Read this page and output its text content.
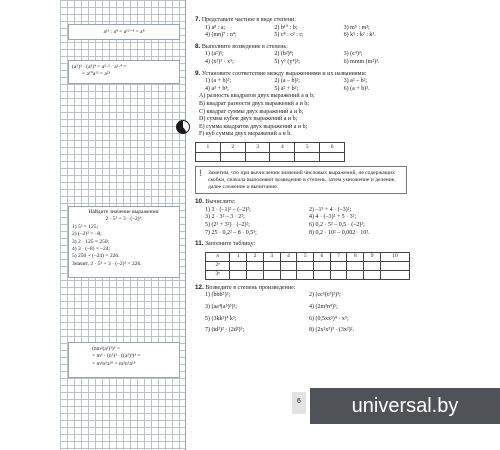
a¹² : a⁴ = a¹²⁻⁴ = a⁸
(a⁵)² · (a³)⁴ = a⁵·² · a³·⁴ =
= a¹⁰a¹² = a²²
Найдите значение выражения:
2 · 5³ + 3 · (–2)³.
1) 5³ = 125;
2) (–2)³ = –8;
3) 2 · 125 = 250;
4) 3 · (–8) = –24;
5) 250 + (–24) = 226.
Значит, 2 · 5³ + 3 · (–2)³ = 226.
(mn²(a²)³)³ =
= m³ · (n²)³ · ((a²)³)³ =
= m³n⁶a¹⁸ = m³n⁶a¹⁸
7. Представьте частное в виде степени:
1) a⁸ : a;	2) b¹⁰ : b;	3) m⁵ : m³;
4) (mn)⁷ : n⁴;	5) c⁸ : c² : c;	6) k⁵ : k² : k³.
8. Выполните возведение в степень:
1) (a²)⁵;	2) (b²)⁴;	3) (c⁴)³;
4) (x²)³ · x⁵;	5) y⁵ (y⁴)³;	6) mmm (m²)³.
9. Установите соответствие между выражениями и их названиями:
1) (a + b)²;	2) (a – b)²;	3) a² – b²;
4) a³ + b³;	5) a² + b²;	6) (a + b)³.
А) разность квадратов двух выражений a и b;
B) квадрат разности двух выражений a и b;
С) квадрат суммы двух выражений a и b;
D) сумма кубов двух выражений a и b;
Е) сумма квадратов двух выражений a и b;
F) куб суммы двух выражений a и b.
1	2	3	4	5	6

! Заметим, что при вычислении значений числовых выражений, не содержащих скобки, сначала выполняют возведение в степень, затем умножение и деление, далее сложение и вычитание.
10. Вычислите:
1) 3 · (–1)² – (–2)²;	2) –1³ + 4 · (–3)²;
3) 2 · 3² – 3 · 2²;	4) 4 · (–3)² + 5 · 3²;
5) (2³ + 3²) · (–2)²;	6) 0,2 · 5² – 0,5 · (–2)²;
7) 25 · 0,2² – 8 · 0,5³;	8) 0,2 · 10² – 0,002 · 10³.
11. Заполните таблицу:
n	1	2	3	4	5	6	7	8	9	10
2ⁿ										
3ⁿ										
12. Возведите в степень произведение:
1) (bbb⁵)²;	2) (cc⁵(c³)²)³;
3) (aa⁴(a⁵)³)²;	4) (2m³n⁴)⁵;
5) (3kk³)⁴ k³;	6) (0,5xx²)⁴ · x⁵;
7) (td³)² · (2d²)⁵;	8) (2x²x³)³ · (3x²)².
6	universal.by
